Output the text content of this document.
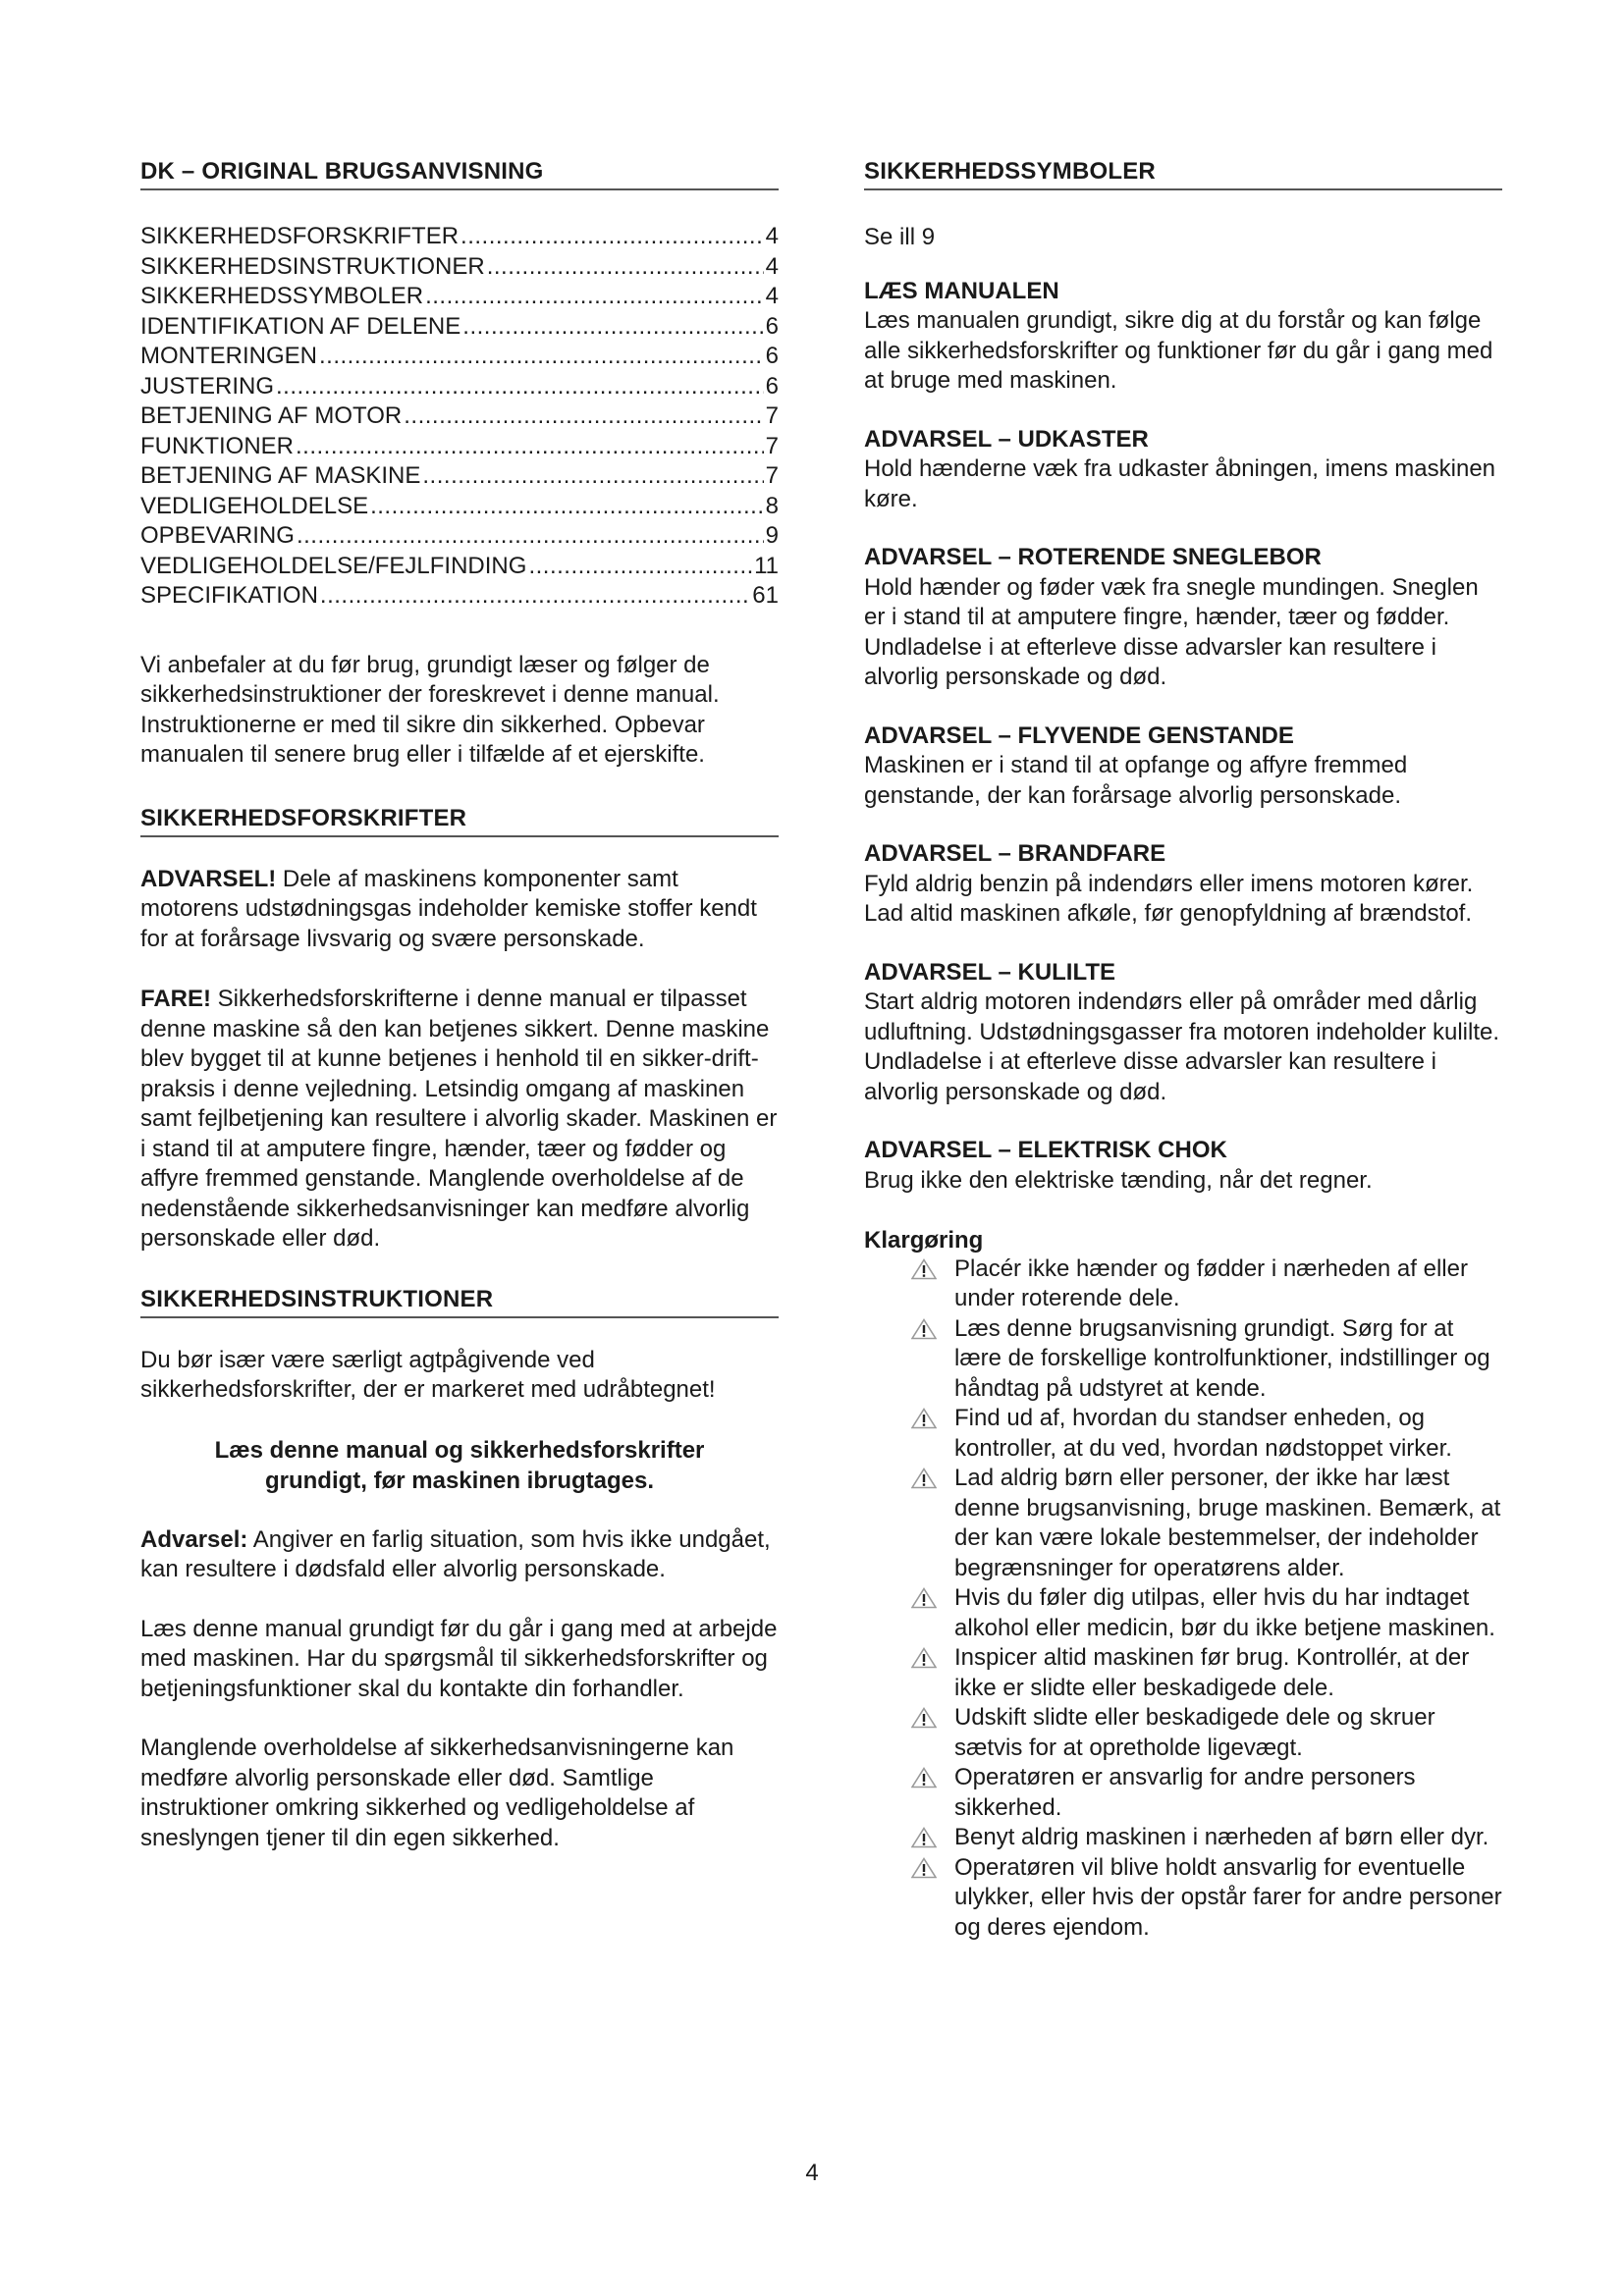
DK – ORIGINAL BRUGSANVISNING
SIKKERHEDSFORSKRIFTER .....	4
SIKKERHEDSINSTRUKTIONER .....	4
SIKKERHEDSSYMBOLER .....	4
IDENTIFIKATION AF DELENE .....	6
MONTERINGEN .....	6
JUSTERING .....	6
BETJENING AF MOTOR .....	7
FUNKTIONER .....	7
BETJENING AF MASKINE .....	7
VEDLIGEHOLDELSE .....	8
OPBEVARING .....	9
VEDLIGEHOLDELSE/FEJLFINDING .....	11
SPECIFIKATION .....	61

Vi anbefaler at du før brug, grundigt læser og følger de sikkerhedsinstruktioner der foreskrevet i denne manual. Instruktionerne er med til sikre din sikkerhed. Opbevar manualen til senere brug eller i tilfælde af et ejerskifte.

SIKKERHEDSFORSKRIFTER

ADVARSEL! Dele af maskinens komponenter samt motorens udstødningsgas indeholder kemiske stoffer kendt for at forårsage livsvarig og svære personskade.

FARE! Sikkerhedsforskrifterne i denne manual er tilpasset denne maskine så den kan betjenes sikkert. Denne maskine blev bygget til at kunne betjenes i henhold til en sikker-drift-praksis i denne vejledning. Letsindig omgang af maskinen samt fejlbetjening kan resultere i alvorlig skader. Maskinen er i stand til at amputere fingre, hænder, tæer og fødder og affyre fremmed genstande. Manglende overholdelse af de nedenstående sikkerhedsanvisninger kan medføre alvorlig personskade eller død.

SIKKERHEDSINSTRUKTIONER

Du bør især være særligt agtpågivende ved sikkerhedsforskrifter, der er markeret med udråbtegnet!

Læs denne manual og sikkerhedsforskrifter grundigt, før maskinen ibrugtages.

Advarsel: Angiver en farlig situation, som hvis ikke undgået, kan resultere i dødsfald eller alvorlig personskade.

Læs denne manual grundigt før du går i gang med at arbejde med maskinen. Har du spørgsmål til sikkerhedsforskrifter og betjeningsfunktioner skal du kontakte din forhandler.

Manglende overholdelse af sikkerhedsanvisningerne kan medføre alvorlig personskade eller død. Samtlige instruktioner omkring sikkerhed og vedligeholdelse af sneslyngen tjener til din egen sikkerhed.

SIKKERHEDSSYMBOLER

Se ill 9

LÆS MANUALEN

Læs manualen grundigt, sikre dig at du forstår og kan følge alle sikkerhedsforskrifter og funktioner før du går i gang med at bruge med maskinen.

ADVARSEL – UDKASTER

Hold hænderne væk fra udkaster åbningen, imens maskinen køre.

ADVARSEL – ROTERENDE SNEGLEBOR

Hold hænder og føder væk fra snegle mundingen. Sneglen er i stand til at amputere fingre, hænder, tæer og fødder. Undladelse i at efterleve disse advarsler kan resultere i alvorlig personskade og død.

ADVARSEL – FLYVENDE GENSTANDE

Maskinen er i stand til at opfange og affyre fremmed genstande, der kan forårsage alvorlig personskade.

ADVARSEL – BRANDFARE

Fyld aldrig benzin på indendørs eller imens motoren kører. Lad altid maskinen afkøle, før genopfyldning af brændstof.

ADVARSEL – KULILTE

Start aldrig motoren indendørs eller på områder med dårlig udluftning. Udstødningsgasser fra motoren indeholder kulilte. Undladelse i at efterleve disse advarsler kan resultere i alvorlig personskade og død.

ADVARSEL – ELEKTRISK CHOK

Brug ikke den elektriske tænding, når det regner.

Klargøring
Placér ikke hænder og fødder i nærheden af eller under roterende dele.
Læs denne brugsanvisning grundigt. Sørg for at lære de forskellige kontrolfunktioner, indstillinger og håndtag på udstyret at kende.
Find ud af, hvordan du standser enheden, og kontroller, at du ved, hvordan nødstoppet virker.
Lad aldrig børn eller personer, der ikke har læst denne brugsanvisning, bruge maskinen. Bemærk, at der kan være lokale bestemmelser, der indeholder begrænsninger for operatørens alder.
Hvis du føler dig utilpas, eller hvis du har indtaget alkohol eller medicin, bør du ikke betjene maskinen.
Inspicer altid maskinen før brug. Kontrollér, at der ikke er slidte eller beskadigede dele.
Udskift slidte eller beskadigede dele og skruer sætvis for at opretholde ligevægt.
Operatøren er ansvarlig for andre personers sikkerhed.
Benyt aldrig maskinen i nærheden af børn eller dyr.
Operatøren vil blive holdt ansvarlig for eventuelle ulykker, eller hvis der opstår farer for andre personer og deres ejendom.
4
